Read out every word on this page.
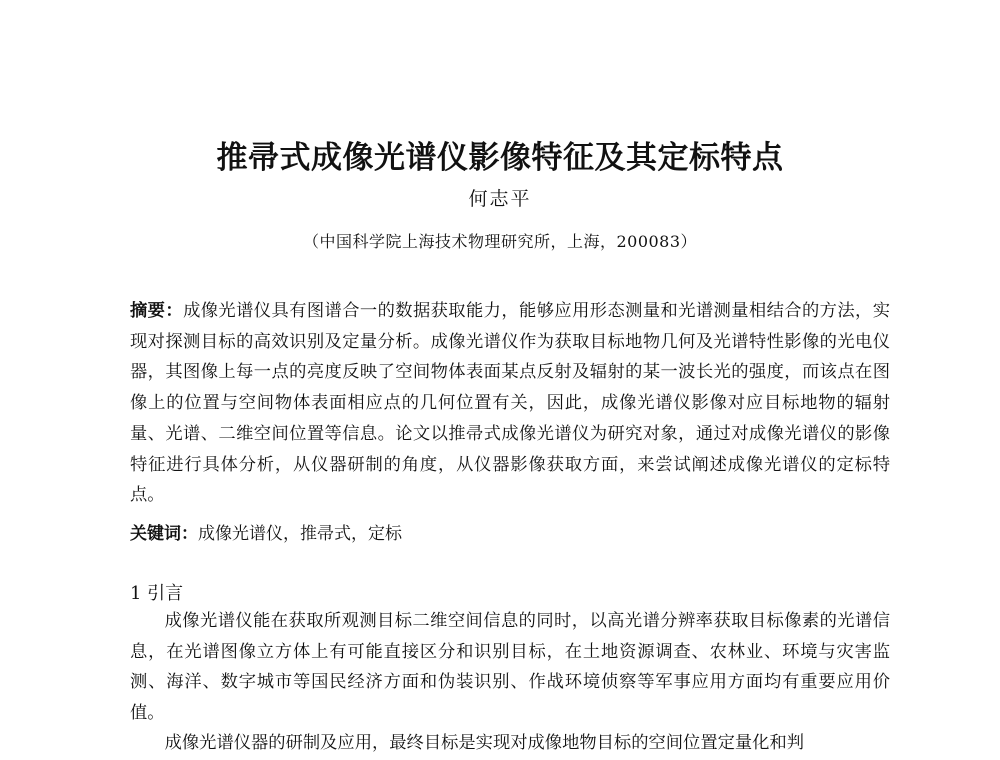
推帚式成像光谱仪影像特征及其定标特点
何志平
（中国科学院上海技术物理研究所，上海，200083）

摘要：成像光谱仪具有图谱合一的数据获取能力，能够应用形态测量和光谱测量相结合的方法，实现对探测目标的高效识别及定量分析。成像光谱仪作为获取目标地物几何及光谱特性影像的光电仪器，其图像上每一点的亮度反映了空间物体表面某点反射及辐射的某一波长光的强度，而该点在图像上的位置与空间物体表面相应点的几何位置有关，因此，成像光谱仪影像对应目标地物的辐射量、光谱、二维空间位置等信息。论文以推帚式成像光谱仪为研究对象，通过对成像光谱仪的影像特征进行具体分析，从仪器研制的角度，从仪器影像获取方面，来尝试阐述成像光谱仪的定标特点。

关键词：成像光谱仪，推帚式，定标
1 引言

成像光谱仪能在获取所观测目标二维空间信息的同时，以高光谱分辨率获取目标像素的光谱信息，在光谱图像立方体上有可能直接区分和识别目标，在土地资源调查、农林业、环境与灾害监测、海洋、数字城市等国民经济方面和伪装识别、作战环境侦察等军事应用方面均有重要应用价值。

成像光谱仪器的研制及应用，最终目标是实现对成像地物目标的空间位置定量化和判
